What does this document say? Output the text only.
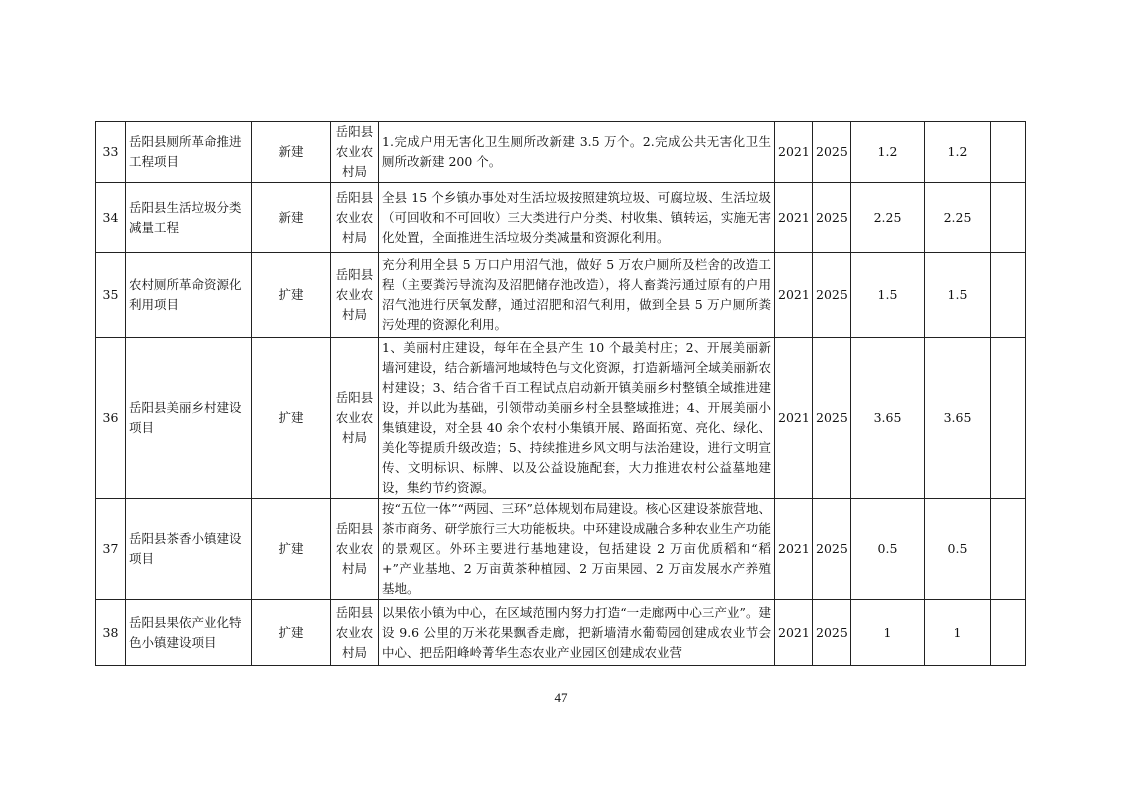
33	岳阳县厕所革命推进工程项目	新建	岳阳县农业农村局	1.完成户用无害化卫生厕所改新建 3.5 万个。2.完成公共无害化卫生厕所改新建 200 个。	2021	2025	1.2	1.2	
34	岳阳县生活垃圾分类减量工程	新建	岳阳县农业农村局	全县 15 个乡镇办事处对生活垃圾按照建筑垃圾、可腐垃圾、生活垃圾（可回收和不可回收）三大类进行户分类、村收集、镇转运，实施无害化处置，全面推进生活垃圾分类减量和资源化利用。	2021	2025	2.25	2.25	
35	农村厕所革命资源化利用项目	扩建	岳阳县农业农村局	充分利用全县 5 万口户用沼气池，做好 5 万农户厕所及栏舍的改造工程（主要粪污导流沟及沼肥储存池改造），将人畜粪污通过原有的户用沼气池进行厌氧发酵，通过沼肥和沼气利用，做到全县 5 万户厕所粪污处理的资源化利用。	2021	2025	1.5	1.5	
36	岳阳县美丽乡村建设项目	扩建	岳阳县农业农村局	1、美丽村庄建设，每年在全县产生 10 个最美村庄；2、开展美丽新墙河建设，结合新墙河地域特色与文化资源，打造新墙河全域美丽新农村建设；3、结合省千百工程试点启动新开镇美丽乡村整镇全域推进建设，并以此为基础，引领带动美丽乡村全县整域推进；4、开展美丽小集镇建设，对全县 40 余个农村小集镇开展、路面拓宽、亮化、绿化、美化等提质升级改造；5、持续推进乡风文明与法治建设，进行文明宣传、文明标识、标牌、以及公益设施配套，大力推进农村公益墓地建设，集约节约资源。	2021	2025	3.65	3.65	
37	岳阳县茶香小镇建设项目	扩建	岳阳县农业农村局	按“五位一体”“两园、三环”总体规划布局建设。核心区建设茶旅营地、茶市商务、研学旅行三大功能板块。中环建设成融合多种农业生产功能的景观区。外环主要进行基地建设，包括建设 2 万亩优质稻和“稻+”产业基地、2 万亩黄茶种植园、2 万亩果园、2 万亩发展水产养殖基地。	2021	2025	0.5	0.5	
38	岳阳县果依产业化特色小镇建设项目	扩建	岳阳县农业农村局	以果依小镇为中心，在区域范围内努力打造“一走廊两中心三产业”。建设 9.6 公里的万米花果飘香走廊，把新墙清水葡萄园创建成农业节会中心、把岳阳峰岭菁华生态农业产业园区创建成农业营	2021	2025	1	1	
47
